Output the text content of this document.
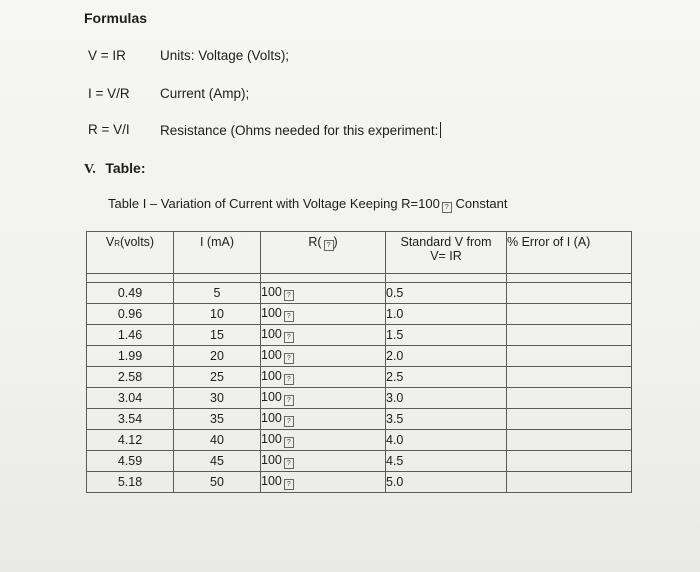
Formulas
V = IR	Units: Voltage (Volts);
I = V/R Current (Amp);
R = V/I Resistance (Ohms needed for this experiment:
V. Table:
Table I – Variation of Current with Voltage Keeping R=100 ? Constant
VR(volts)	I (mA)	R( ? )	Standard V from
V= IR	% Error of I (A)

0.49	5	100 ?	0.5	
0.96	10	100 ?	1.0	
1.46	15	100 ?	1.5	
1.99	20	100 ?	2.0	
2.58	25	100 ?	2.5	
3.04	30	100 ?	3.0	
3.54	35	100 ?	3.5	
4.12	40	100 ?	4.0	
4.59	45	100 ?	4.5	
5.18	50	100 ?	5.0	
